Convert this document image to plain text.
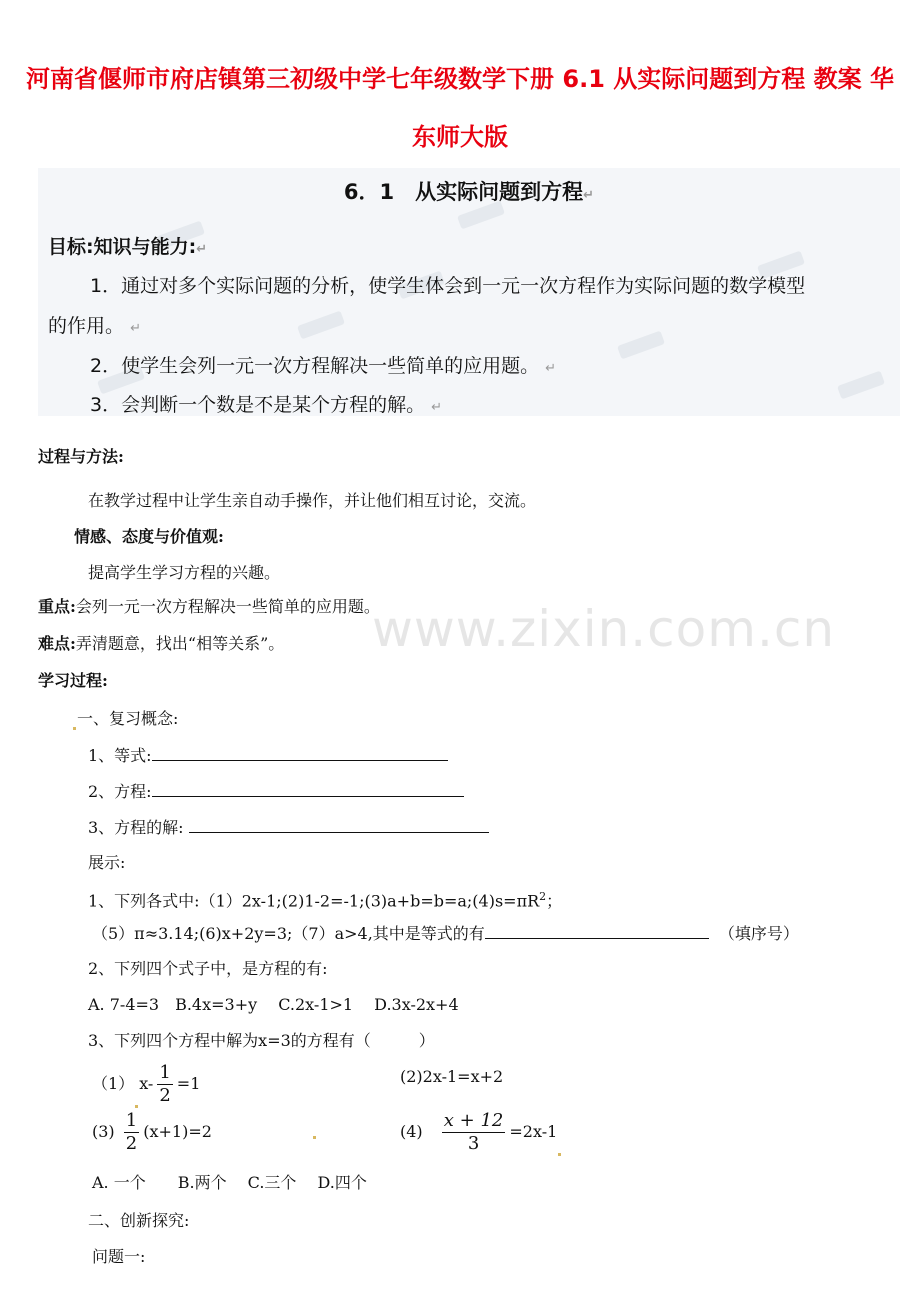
河南省偃师市府店镇第三初级中学七年级数学下册 6.1 从实际问题到方程 教案 华东师大版
6．1　从实际问题到方程↵
目标:知识与能力:↵
1．通过对多个实际问题的分析，使学生体会到一元一次方程作为实际问题的数学模型
的作用。 ↵
2．使学生会列一元一次方程解决一些简单的应用题。 ↵
3．会判断一个数是不是某个方程的解。 ↵
过程与方法:
在教学过程中让学生亲自动手操作，并让他们相互讨论，交流。
情感、态度与价值观:
提高学生学习方程的兴趣。
重点:会列一元一次方程解决一些简单的应用题。
难点:弄清题意，找出“相等关系”。
学习过程:
一、复习概念:
1、等式:
2、方程:
3、方程的解:
展示:
1、下列各式中$:(1)2x-1;(2)1-2=-1;(3)a+b=b=a;(4)s=\pi R^2$；
（5）π≈3.14;(6)x+2y=3;（7）a>4,其中是等式的有	（填序号）
2、下列四个式子中，是方程的有:
A. 7-4=3　B.4x=3+y　 C.2x-1>1　 D.3x-2x+4
3、下列四个方程中解为x=3的方程有（　　　）
（1） $x- \frac{1}{2} =1$	(2)2x-1=x+2
$(3) \frac{1}{2} (x+1)=2$	$(4) \frac{x + 12}{3} =2x-1$
A. 一个　　B.两个　 C.三个　 D.四个
二、创新探究:
问题一:
www.zixin.com.cn
